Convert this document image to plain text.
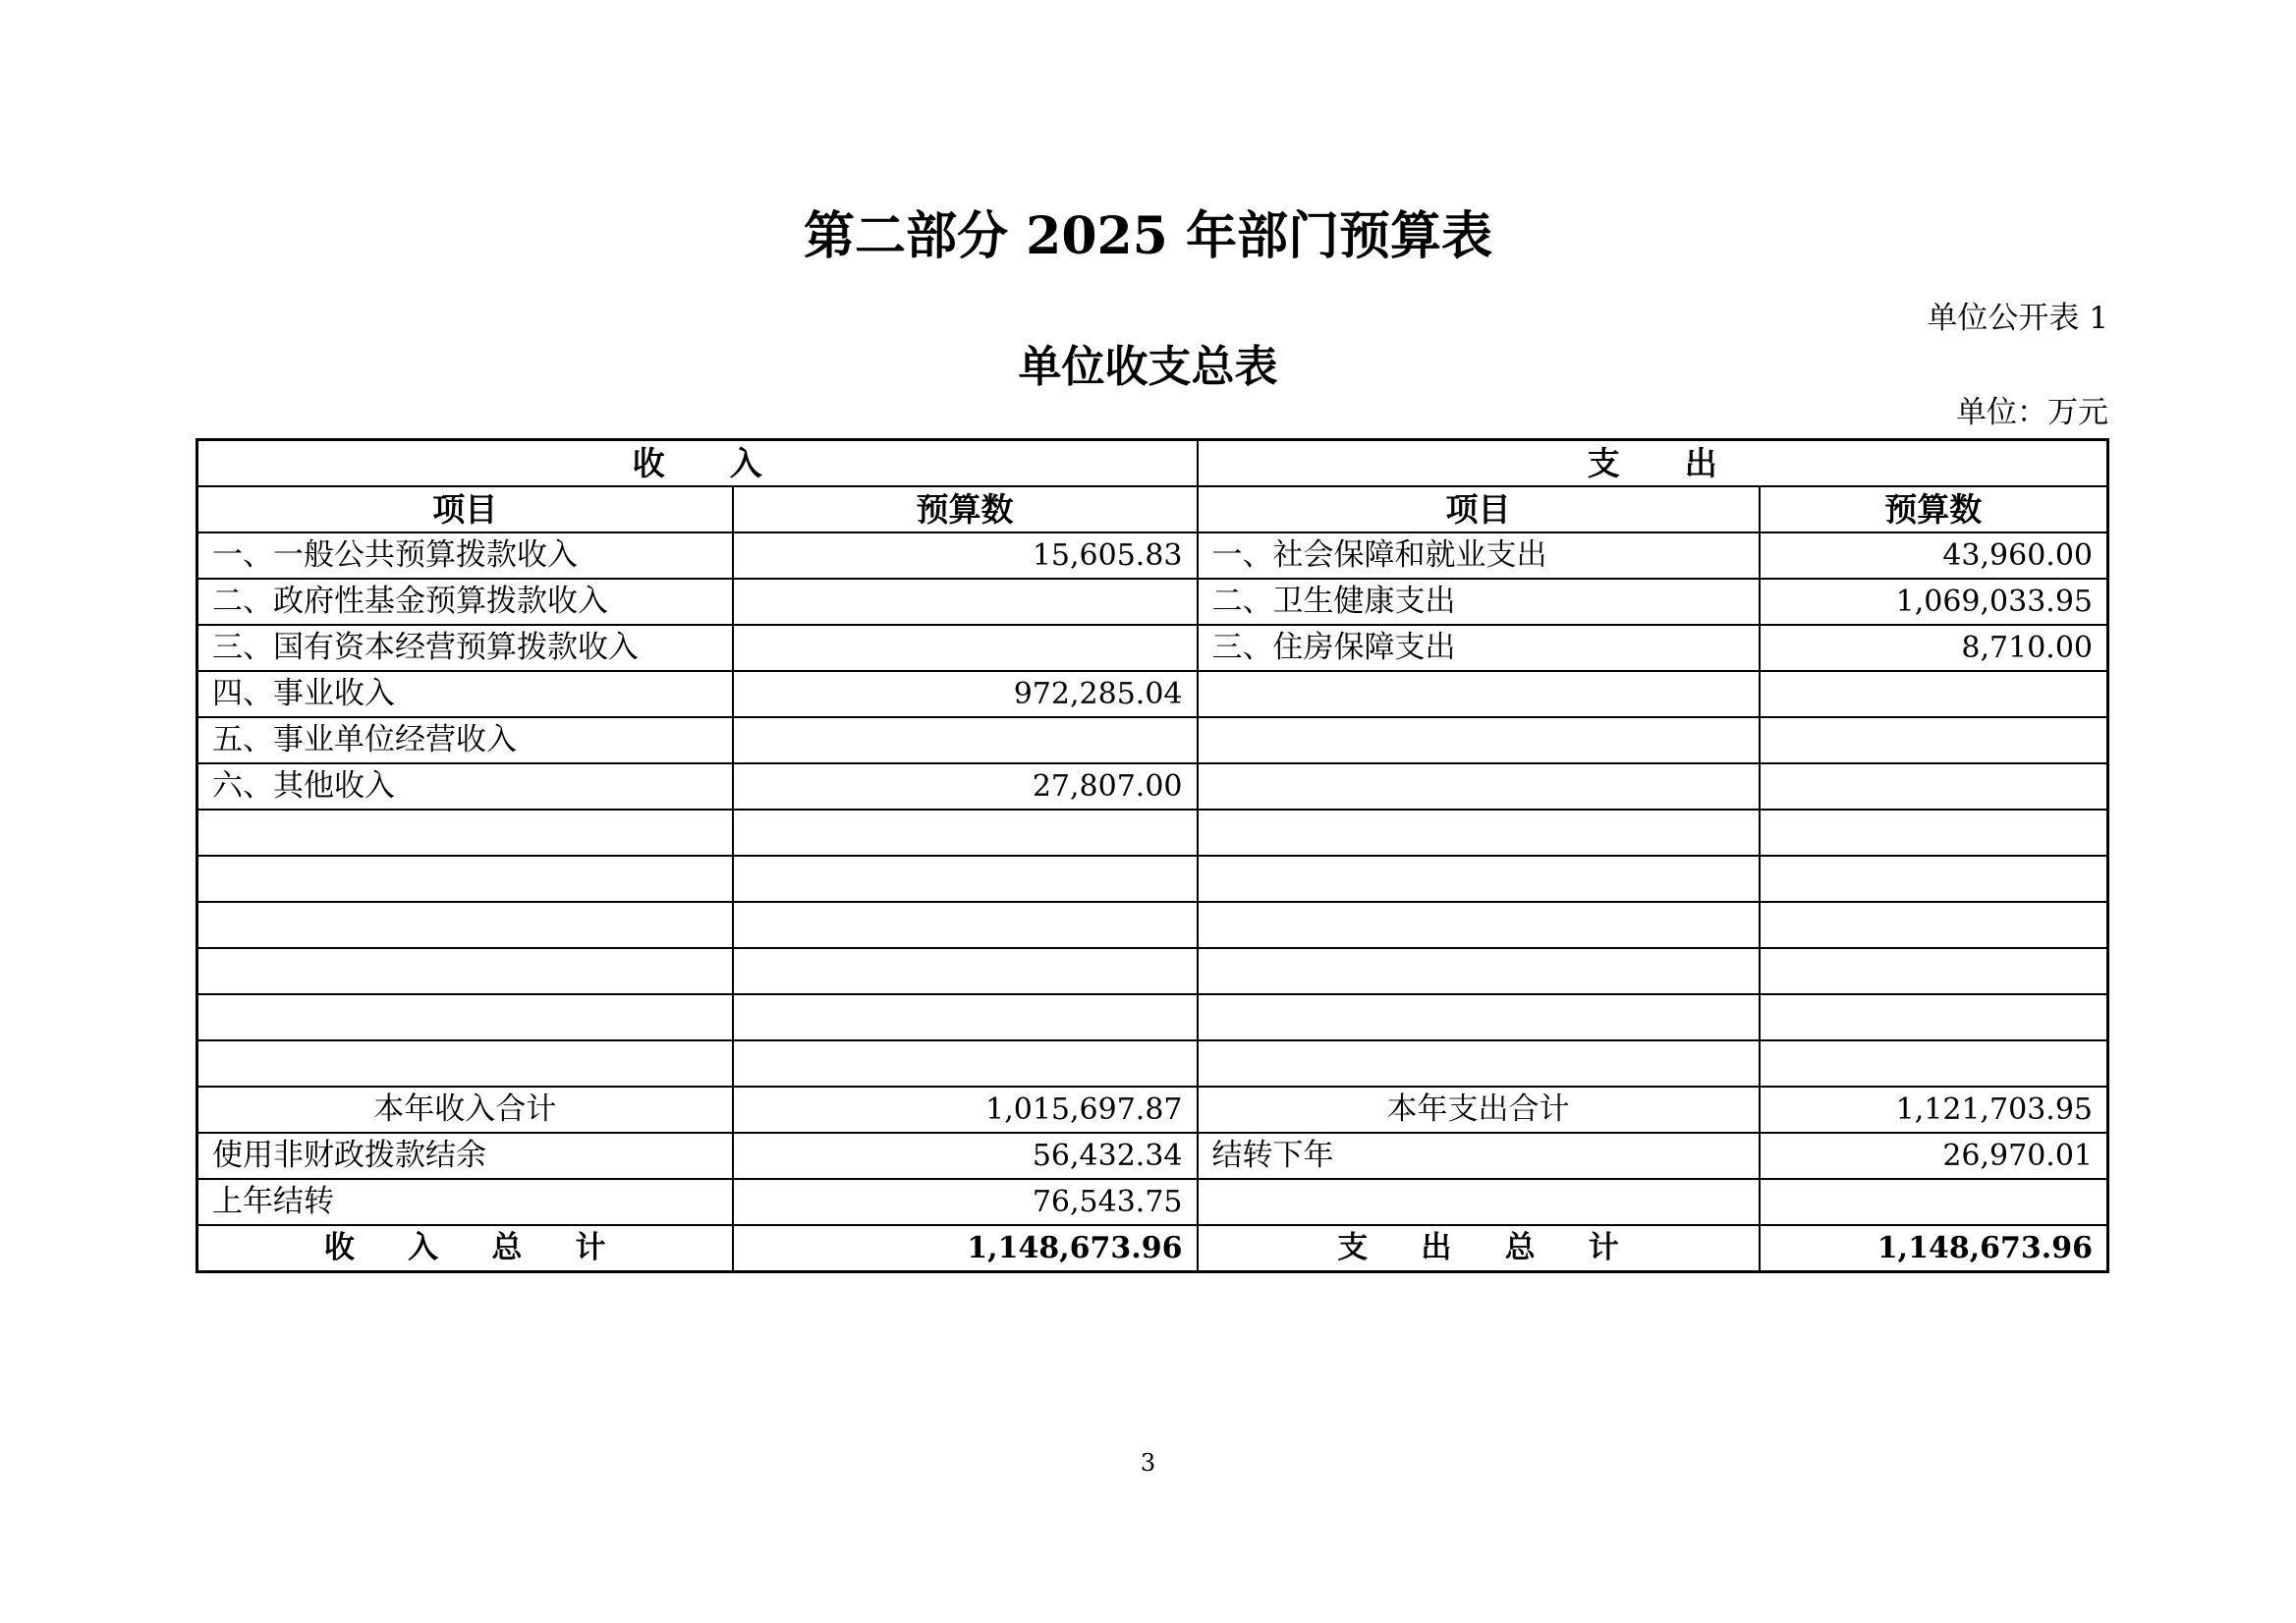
第二部分 2025 年部门预算表
单位公开表 1
单位收支总表
单位：万元
收　　入		支　　出	
项目	预算数	项目	预算数
一、一般公共预算拨款收入	15,605.83	一、社会保障和就业支出	43,960.00
二、政府性基金预算拨款收入		二、卫生健康支出	1,069,033.95
三、国有资本经营预算拨款收入		三、住房保障支出	8,710.00
四、事业收入	972,285.04		
五、事业单位经营收入			
六、其他收入	27,807.00		

本年收入合计	1,015,697.87	本年支出合计	1,121,703.95
使用非财政拨款结余	56,432.34	结转下年	26,970.01
上年结转	76,543.75		
收 入 总 计	1,148,673.96	支 出 总 计	1,148,673.96
3
